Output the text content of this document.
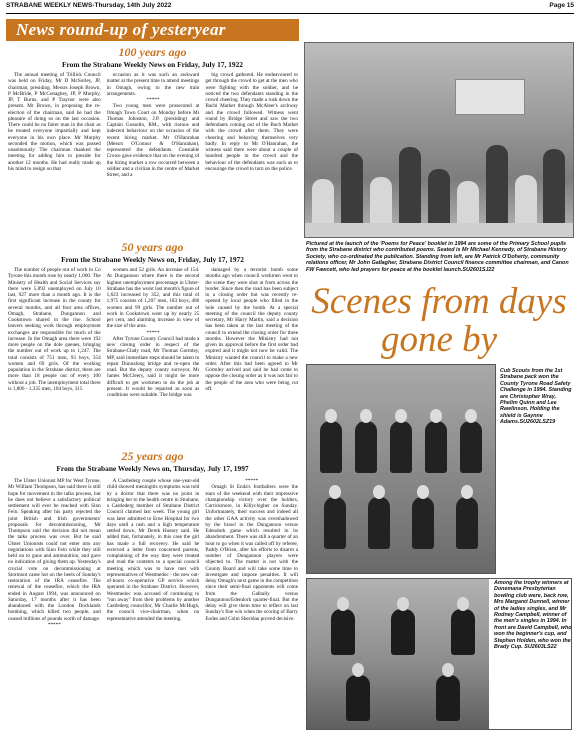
STRABANE WEEKLY NEWS-Thursday, 14th July 2022	Page 15
News round-up of yesteryear
100 years ago
From the Strabane Weekly News on Friday, July 17, 1922

The annual meeting of Trillick Council was held on Friday, Mr D McSorley, JP, chairman, presiding. Messrs Joseph Brown, P McBride, P McConaghey, JP, P Murphy, JP, T Burns, and P Traynor were also present. Mr Brown, in proposing the re-election of the chairman, said he had the pleasure of doing so on the last occasion. There could be no fairer man in the chair as he treated everyone impartially and kept everyone in his own place. Mr Murphy seconded the motion, which was passed unanimously. The chairman thanked the meeting for adding him to preside for another 12 months. He had really made up his mind to resign on that

occasion as it was such an awkward matter at the present time to attend meetings in Omagh, owing to the new train arrangements.

*****

Two young men were prosecuted at Omagh Town Court on Monday before Mr Thomas Johnston, J.P. (presiding) and Captain Gosselin, RM., with riotous and indecent behaviour on the occasion of the recent hiring market. Mr O'Hanrahan (Messrs O'Connor & O'Hanrahan), represented the defendants. Constable Crowe gave evidence that on the evening of the hiring market a row occurred between a soldier and a civilian in the centre of Market Street, and a

big crowd gathered. He endeavoured to get through the crowd to get at the men who were fighting with the soldier, and he noticed the two defendants standing in the crowd cheering. They made a rush down the Bachi Market through McAleer's archway and the crowd followed. Witness went round by Bridge Street and saw the two defendants coming out of the Bach Market with the crowd after them. They were cheering and behaving themselves very badly. In reply to Mr O'Hanrahan, the witness said there were about a couple of hundred people in the crowd and the behaviour of the defendants was such as to encourage the crowd to turn on the police.

50 years ago
From the Strabane Weekly News on, Friday, July 17, 1972

The number of people out of work in Co Tyrone this month rose by nearly 1,000. The Ministry of Health and Social Services say there were 5,892 unemployed on July 10 last, 927 more than a month ago. It is the first significant increase in the county for several months, and all four area offices, Omagh, Strabane, Dungannon and Cookstown shared in the rise. School leavers seeking work through employment exchanges are responsible for much of the increase. In the Omagh area there were 192 more people on the dole queues, bringing the number out of work up to 1,247. The total consists of 751 men, 93 boys, 354 women and 69 girls. Of the working population in the Strabane district, there are more than 18 people out of every 100 without a job. The unemployment total there is 1,806 - 1,335 men, 104 boys, 315

women and 52 girls. An increase of 154. At Dungannon where there is the second highest unemployment percentage in Ulster-Strabane has the worst last month's figure of 1,623 increased by 352, and this total of 1,975 consists of 1,207 men, 183 boys, 486 women and 99 girls. The number out of work in Cookstown went up by nearly 25 per cent, and alarming increase in view of the size of the area.

*****

After Tyrone County Council had made a new closing order in respect of the Strabane-Clady road, Mr Thomas Gormley, MP, said immediate steps should be taken to repair Dunnalong bridge and re-open the road. But the deputy county surveyor, Mr James McCleery, said it might be more difficult to get workmen to do the job at present. It would be repaired as soon as conditions were suitable. The bridge was

damaged by a terrorist bomb some months ago when council workmen went to the scene they were shot at from across the border. Since then the road has been subject to a closing order but was recently re-opened by local people who filled in the hole caused by the bomb. At a special meeting of the council the deputy county secretary, Mr Harry Martin, said a decision has been taken at the last meeting of the council to extend the closing order for three months. However the Ministry had not given its approval before the first order had expired and it might not now be valid. The Ministry wanted the council to make a new order. After this had been agreed to Mr Gormley arrived and said he had come to oppose the closing order as it was not fair to the people of the area who were being cut off.

25 years ago
From the Strabane Weekly News on, Thursday, July 17, 1997

The Ulster Unionist MP for West Tyrone, Mr William Thompson, has said there is still hope for movement in the talks process, but he does not believe a satisfactory political settlement will ever be reached with Sinn Fein. Speaking after his party rejected the joint British and Irish governments' proposals for decommissioning, Mr Thompson said the decision did not mean the talks process was over. But he said Ulster Unionists could not enter into any negotiations with Sinn Fein while they still held on to guns and ammunition, and gave no indication of giving them up. Yesterday's crucial vote on decommissioning at Stormont came hot on the heels of Sunday's restoration of the IRA ceasefire. The renewal of the ceasefire, which the IRA ended in August 1994, was announced on Saturday, 17 months after it has been abandoned with the London Docklands bombing, which killed two people, and caused millions of pounds worth of damage.

*****

A Castlederg couple whose one-year-old child showed meningitis symptoms was told by a doctor that there was no point in bringing her to the health centre in Strabane, a Castlederg member of Strabane District Council claimed last week. The young girl was later admitted to Erne Hospital for two days until a rash and a high temperature settled down, Mr Derek Hussey said. He added that, fortunately, in this case the girl has made a full recovery. He said he received a letter from concerned parents, complaining of the way they were treated and read the contents to a special council meeting which was to have met with representatives of Westmedoc - the new out-of-hours co-operative GP service which operated in the Strabane District. However, Westmedoc was accused of continuing to "run away" from their problems by another Castlederg councillor, Mr Charlie McHugh, the council vice-chairman, when no representative attended the meeting.

*****

Omagh St Enda's footballers were the stars of the weekend with their impressive championship victory over the holders, Carrickmore, in Killyclogher on Sunday. Unfortunately, their success and indeed all the other GAA activity was overshadowed by the brawl in the Dungannon versus Edendork game which resulted in its abandonment. There was still a quarter of an hour to go when it was called off by referee, Paddy O'Brien, after his efforts to disarm a number of Dungannon players were objected to. The matter is not with the County Board and will take some time to investigate and impose penalties. It will delay Omagh's next game in the competition since their semi-final opponents will come from the Galbally versus Dungannon/Edendork quarter-final. But the delay will give them time to reflect on last Sunday's fine win when the scoring of Barry Eodes and Colm Sheridan proved decisive.

Pictured at the launch of the 'Poems for Peace' booklet in 1994 are some of the Primary School pupils from the Strabane district who contributed poems. Seated is Mr Michael Kennedy, of Strabane History Society, who co-ordinated the publication. Standing from left, are Mr Patrick O'Doherty, community relations officer, Mr John Gallagher, Strabane District Council finance committee chairman, and Canon FW Fawcett, who led prayers for peace at the booklet launch.SU2601SJ22
Scenes from days gone by
Cub Scouts from the 1st Strabane pack won the County Tyrone Road Safety Challenge in 1994. Standing are Christopher Wray, Phelim Quinn and Lee Rawlinson. Holding the shield is Gaynne Adams.SU2602LSZ19
Among the trophy winners at Donemana Presbyterian bowling club were, back row, Mrs Margaret Dunnell, winner of the ladies singles, and Mr Rodney Campbell, winner of the men's singles in 1994. In front are David Campbell, who won the beginner's cup, and Stephen Holden, who won the Brady Cup. SU2603LS22
